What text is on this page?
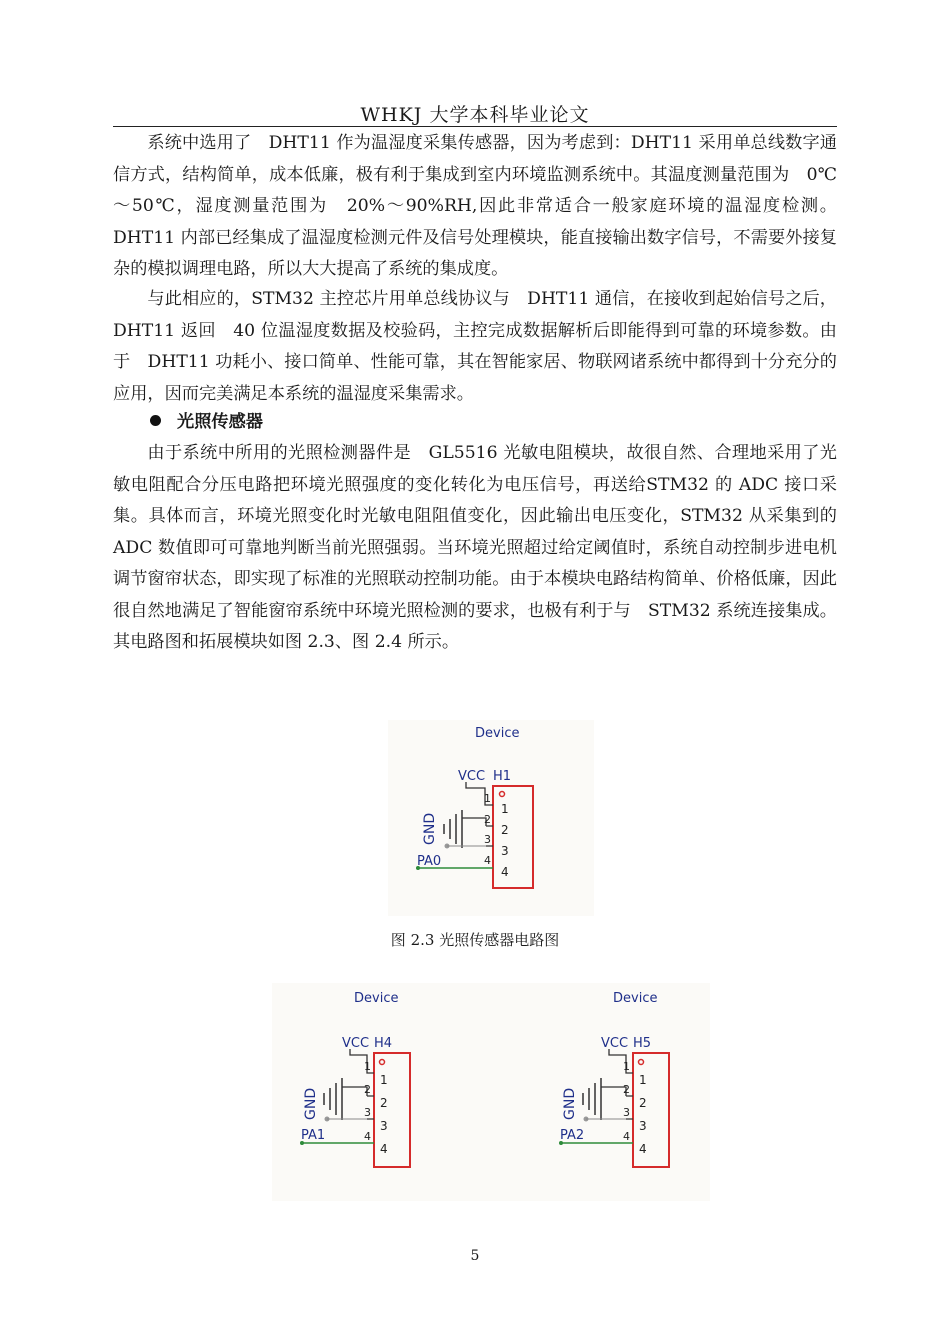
WHKJ 大学本科毕业论文

系统中选用了　DHT11 作为温湿度采集传感器，因为考虑到：DHT11 采用单总线数字通信方式，结构简单，成本低廉，极有利于集成到室内环境监测系统中。其温度测量范围为　0℃～50℃，湿度测量范围为　20%～90%RH,因此非常适合一般家庭环境的温湿度检测。DHT11 内部已经集成了温湿度检测元件及信号处理模块，能直接输出数字信号，不需要外接复杂的模拟调理电路，所以大大提高了系统的集成度。

与此相应的，STM32 主控芯片用单总线协议与　DHT11 通信，在接收到起始信号之后，DHT11 返回　40 位温湿度数据及校验码，主控完成数据解析后即能得到可靠的环境参数。由于　DHT11 功耗小、接口简单、性能可靠，其在智能家居、物联网诸系统中都得到十分充分的应用，因而完美满足本系统的温湿度采集需求。

光照传感器

由于系统中所用的光照检测器件是　GL5516 光敏电阻模块，故很自然、合理地采用了光敏电阻配合分压电路把环境光照强度的变化转化为电压信号，再送给STM32 的 ADC 接口采集。具体而言，环境光照变化时光敏电阻阻值变化，因此输出电压变化，STM32 从采集到的　ADC 数值即可可靠地判断当前光照强弱。当环境光照超过给定阈值时，系统自动控制步进电机调节窗帘状态，即实现了标准的光照联动控制功能。由于本模块电路结构简单、价格低廉，因此很自然地满足了智能窗帘系统中环境光照检测的要求，也极有利于与　STM32 系统连接集成。其电路图和拓展模块如图 2.3、图 2.4 所示。

Device
VCC H1
GND
PA0
1
2
3
4
1
2
3
4
图 2.3 光照传感器电路图
Device
VCC H4
GND
PA1
1
2
3
4
1
2
3
4
Device
VCC H5
GND
PA2
1
2
3
4
1
2
3
4
5
